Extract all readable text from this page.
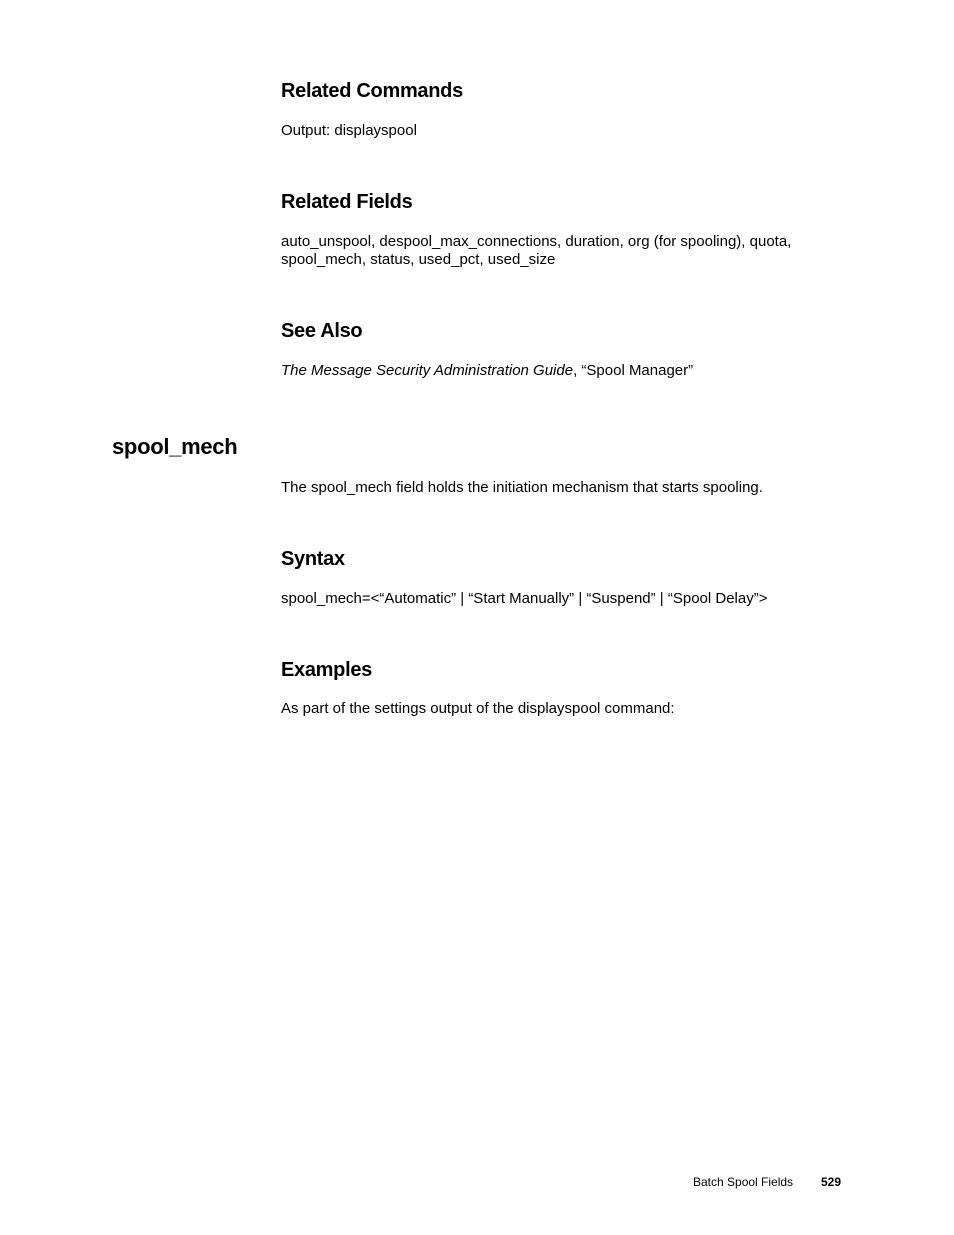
Related Commands
Output: displayspool
Related Fields
auto_unspool, despool_max_connections, duration, org (for spooling), quota,
spool_mech, status, used_pct, used_size
See Also
The Message Security Administration Guide, “Spool Manager”
spool_mech
The spool_mech field holds the initiation mechanism that starts spooling.
Syntax
spool_mech=<“Automatic” | “Start Manually” | “Suspend” | “Spool Delay”>
Examples
As part of the settings output of the displayspool command:
Batch Spool Fields 529
